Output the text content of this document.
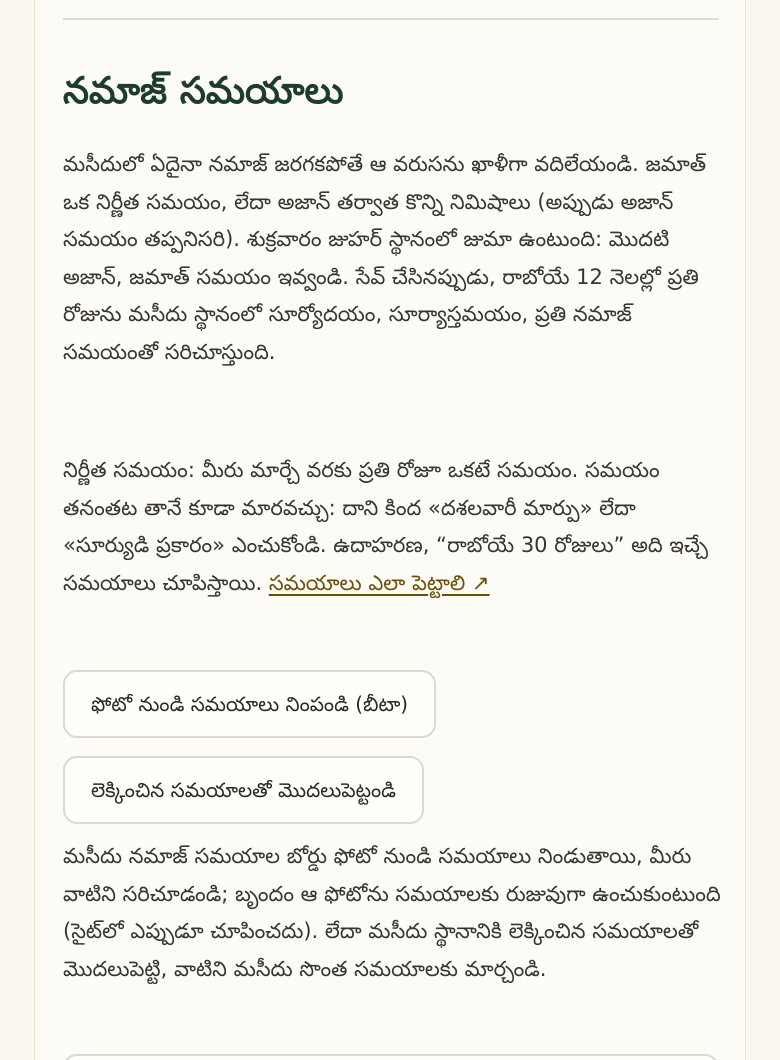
నమాజ్ సమయాలు

మసీదులో ఏదైనా నమాజ్ జరగకపోతే ఆ వరుసను ఖాళీగా వదిలేయండి. జమాత్ ఒక నిర్ణీత సమయం, లేదా అజాన్ తర్వాత కొన్ని నిమిషాలు (అప్పుడు అజాన్ సమయం తప్పనిసరి). శుక్రవారం జుహర్ స్థానంలో జుమా ఉంటుంది: మొదటి అజాన్, జమాత్ సమయం ఇవ్వండి. సేవ్ చేసినప్పుడు, రాబోయే 12 నెలల్లో ప్రతి రోజును మసీదు స్థానంలో సూర్యోదయం, సూర్యాస్తమయం, ప్రతి నమాజ్ సమయంతో సరిచూస్తుంది.

నిర్ణీత సమయం: మీరు మార్చే వరకు ప్రతి రోజూ ఒకటే సమయం. సమయం తనంతట తానే కూడా మారవచ్చు: దాని కింద «దశలవారీ మార్పు» లేదా «సూర్యుడి ప్రకారం» ఎంచుకోండి. ఉదాహరణ, “రాబోయే 30 రోజులు” అది ఇచ్చే సమయాలు చూపిస్తాయి. సమయాలు ఎలా పెట్టాలి ↗

ఫోటో నుండి సమయాలు నింపండి (బీటా)
లెక్కించిన సమయాలతో మొదలుపెట్టండి

మసీదు నమాజ్ సమయాల బోర్డు ఫోటో నుండి సమయాలు నిండుతాయి, మీరు వాటిని సరిచూడండి; బృందం ఆ ఫోటోను సమయాలకు రుజువుగా ఉంచుకుంటుంది (సైట్‌లో ఎప్పుడూ చూపించదు). లేదా మసీదు స్థానానికి లెక్కించిన సమయాలతో మొదలుపెట్టి, వాటిని మసీదు సొంత సమయాలకు మార్చండి.
